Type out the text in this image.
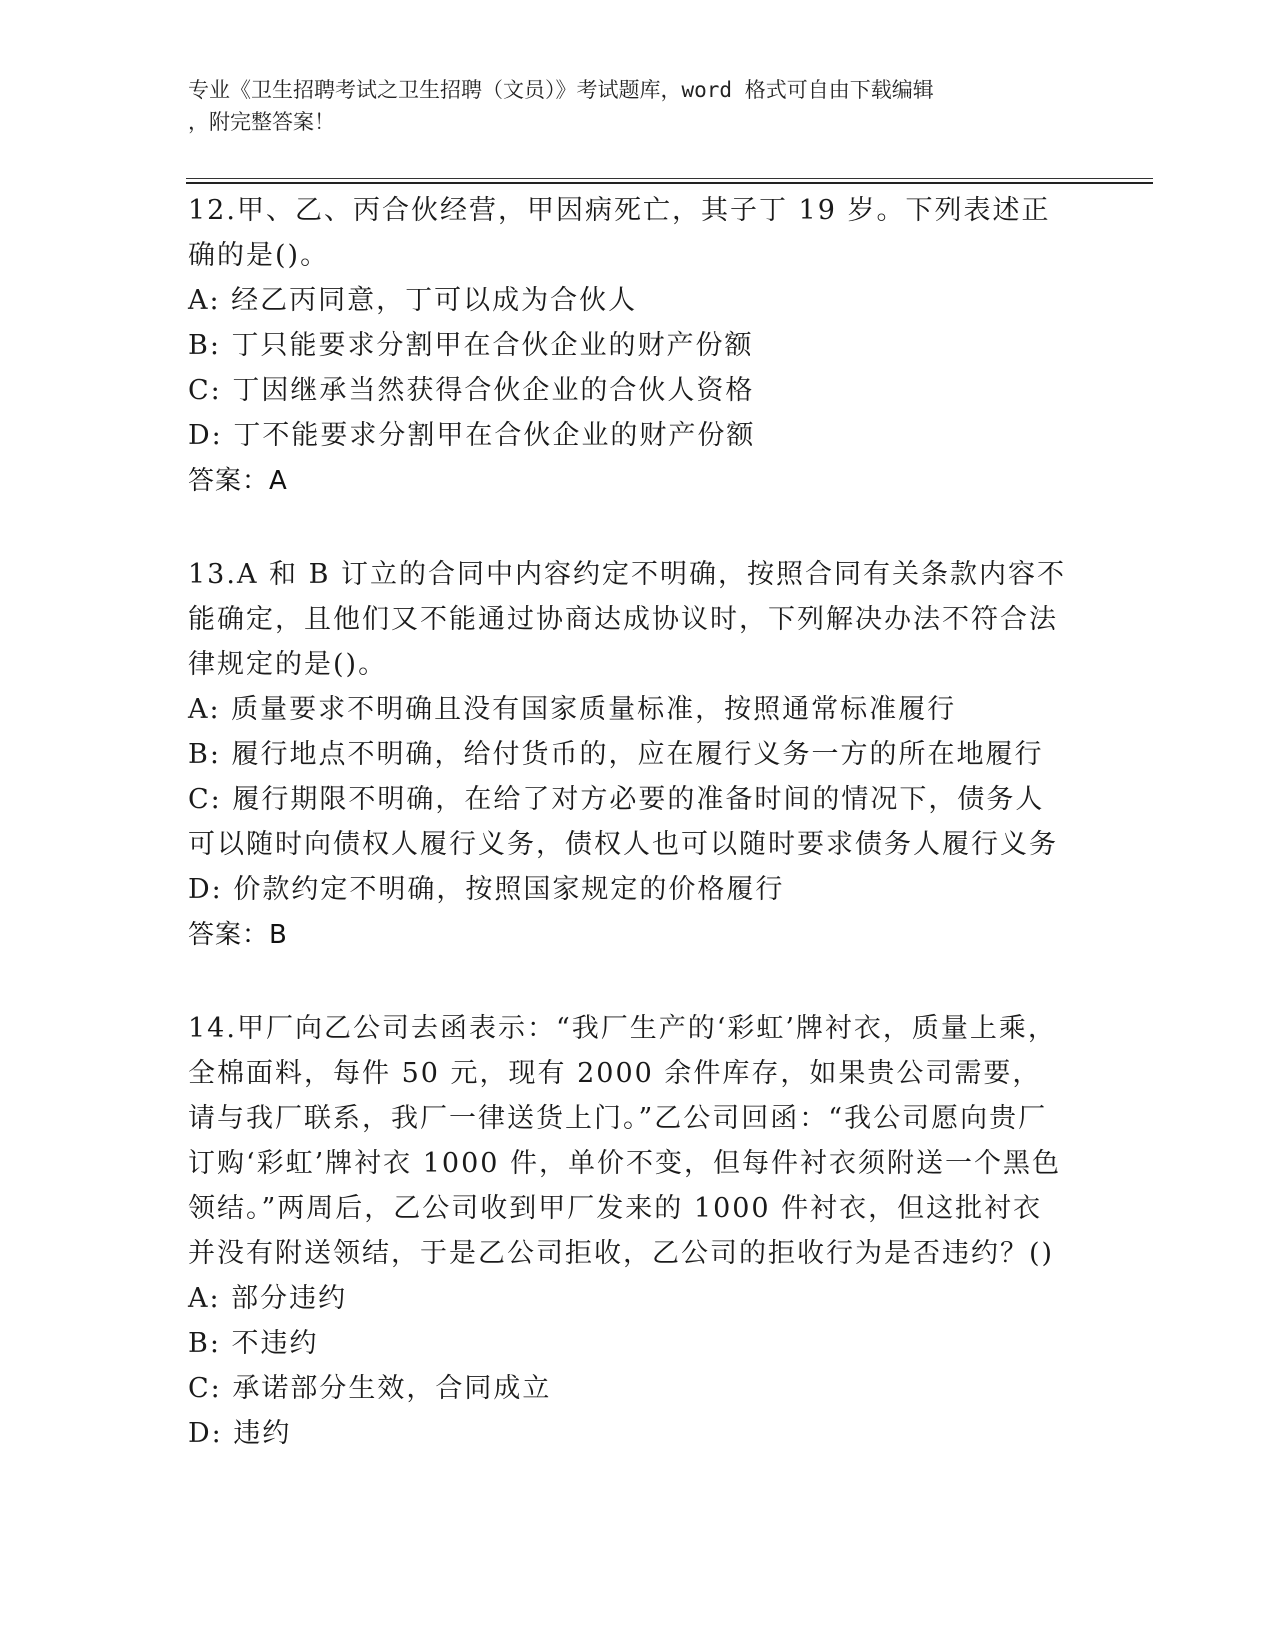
专业《卫生招聘考试之卫生招聘（文员）》考试题库，word 格式可自由下载编辑
，附完整答案！
12.甲、乙、丙合伙经营，甲因病死亡，其子丁 19 岁。下列表述正确的是()。
A: 经乙丙同意，丁可以成为合伙人
B: 丁只能要求分割甲在合伙企业的财产份额
C: 丁因继承当然获得合伙企业的合伙人资格
D: 丁不能要求分割甲在合伙企业的财产份额
答案：A
13.A 和 B 订立的合同中内容约定不明确，按照合同有关条款内容不能确定，且他们又不能通过协商达成协议时，下列解决办法不符合法律规定的是()。
A: 质量要求不明确且没有国家质量标准，按照通常标准履行
B: 履行地点不明确，给付货币的，应在履行义务一方的所在地履行
C: 履行期限不明确，在给了对方必要的准备时间的情况下，债务人可以随时向债权人履行义务，债权人也可以随时要求债务人履行义务
D: 价款约定不明确，按照国家规定的价格履行
答案：B
14.甲厂向乙公司去函表示：“我厂生产的‘彩虹’牌衬衣，质量上乘，全棉面料，每件 50 元，现有 2000 余件库存，如果贵公司需要，请与我厂联系，我厂一律送货上门。”乙公司回函：“我公司愿向贵厂订购‘彩虹’牌衬衣 1000 件，单价不变，但每件衬衣须附送一个黑色领结。”两周后，乙公司收到甲厂发来的 1000 件衬衣，但这批衬衣并没有附送领结，于是乙公司拒收，乙公司的拒收行为是否违约？()
A: 部分违约
B: 不违约
C: 承诺部分生效，合同成立
D: 违约
